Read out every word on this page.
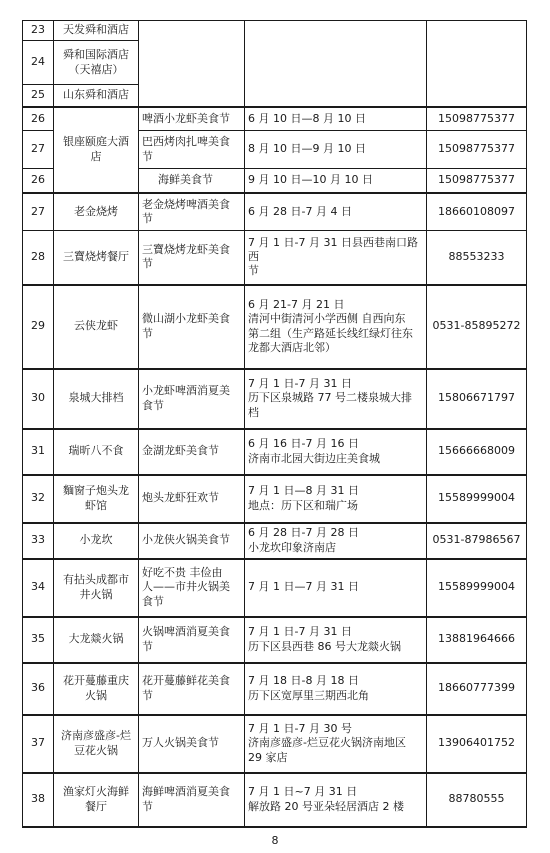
23	天发舜和酒店			

24	舜和国际酒店
（天禧店）			

25	山东舜和酒店			

26	银座颐庭大酒
店	啤酒小龙虾美食节	6 月 10 日—8 月 10 日	15098775377
27		巴西烤肉扎啤美食
节	8 月 10 日—9 月 10 日	15098775377
26		海鲜美食节	9 月 10 日—10 月 10 日	15098775377
27	老金烧烤	老金烧烤啤酒美食
节	6 月 28 日-7 月 4 日	18660108097
28	三寶烧烤餐厅	三寶烧烤龙虾美食
节	7 月 1 日-7 月 31 日县西巷南口路西
节	88553233
29	云侠龙虾	微山湖小龙虾美食
节	6 月 21-7 月 21 日
清河中街清河小学西侧 自西向东
第二组（生产路延长线红绿灯往东
龙都大酒店北邻）	0531-85895272
30	泉城大排档	小龙虾啤酒消夏美
食节	7 月 1 日-7 月 31 日
历下区泉城路 77 号二楼泉城大排
档	15806671797
31	瑞昕八不食	金湖龙虾美食节	6 月 16 日-7 月 16 日
济南市北园大街边庄美食城	15666668009
32	麵窗子炮头龙
虾馆	炮头龙虾狂欢节	7 月 1 日—8 月 31 日
地点：历下区和瑞广场	15589999004
33	小龙坎	小龙侠火锅美食节	6 月 28 日-7 月 28 日
小龙坎印象济南店	0531-87986567
34	有拈头成都市
井火锅	好吃不贵 丰俭由
人——市井火锅美
食节	7 月 1 日—7 月 31 日	15589999004
35	大龙燚火锅	火锅啤酒消夏美食
节	7 月 1 日-7 月 31 日
历下区县西巷 86 号大龙燚火锅	13881964666
36	花开蔓藤重庆
火锅	花开蔓藤鲜花美食
节	7 月 18 日-8 月 18 日
历下区宽厚里三期西北角	18660777399
37	济南彦盛彦-烂
豆花火锅	万人火锅美食节	7 月 1 日-7 月 30 号
济南彦盛彦-烂豆花火锅济南地区
29 家店	13906401752
38	渔家灯火海鲜
餐厅	海鲜啤酒消夏美食
节	7 月 1 日~7 月 31 日
解放路 20 号亚朵轻居酒店 2 楼	88780555
8
